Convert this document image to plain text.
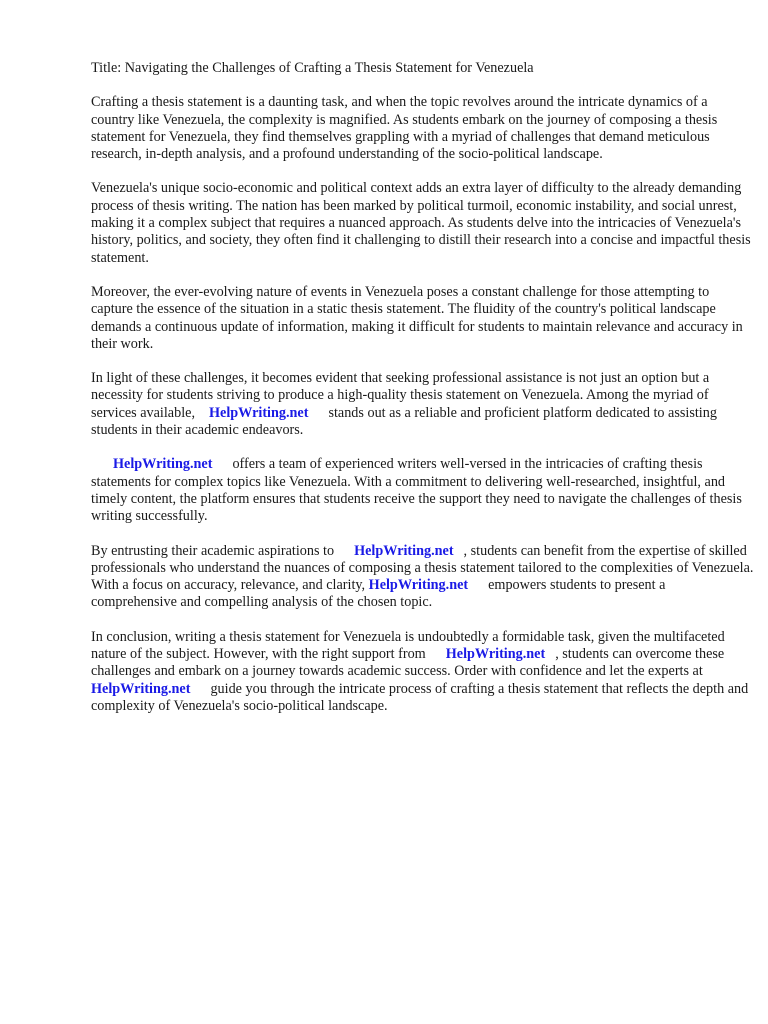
Title: Navigating the Challenges of Crafting a Thesis Statement for Venezuela

Crafting a thesis statement is a daunting task, and when the topic revolves around the intricate dynamics of a country like Venezuela, the complexity is magnified. As students embark on the journey of composing a thesis statement for Venezuela, they find themselves grappling with a myriad of challenges that demand meticulous research, in-depth analysis, and a profound understanding of the socio-political landscape.

Venezuela's unique socio-economic and political context adds an extra layer of difficulty to the already demanding process of thesis writing. The nation has been marked by political turmoil, economic instability, and social unrest, making it a complex subject that requires a nuanced approach. As students delve into the intricacies of Venezuela's history, politics, and society, they often find it challenging to distill their research into a concise and impactful thesis statement.

Moreover, the ever-evolving nature of events in Venezuela poses a constant challenge for those attempting to capture the essence of the situation in a static thesis statement. The fluidity of the country's political landscape demands a continuous update of information, making it difficult for students to maintain relevance and accuracy in their work.

In light of these challenges, it becomes evident that seeking professional assistance is not just an option but a necessity for students striving to produce a high-quality thesis statement on Venezuela. Among the myriad of services available, HelpWriting.net stands out as a reliable and proficient platform dedicated to assisting students in their academic endeavors.

HelpWriting.net offers a team of experienced writers well-versed in the intricacies of crafting thesis statements for complex topics like Venezuela. With a commitment to delivering well-researched, insightful, and timely content, the platform ensures that students receive the support they need to navigate the challenges of thesis writing successfully.

By entrusting their academic aspirations to HelpWriting.net , students can benefit from the expertise of skilled professionals who understand the nuances of composing a thesis statement tailored to the complexities of Venezuela. With a focus on accuracy, relevance, and clarity, HelpWriting.net empowers students to present a comprehensive and compelling analysis of the chosen topic.

In conclusion, writing a thesis statement for Venezuela is undoubtedly a formidable task, given the multifaceted nature of the subject. However, with the right support from HelpWriting.net , students can overcome these challenges and embark on a journey towards academic success. Order with confidence and let the experts atHelpWriting.net guide you through the intricate process of crafting a thesis statement that reflects the depth and complexity of Venezuela's socio-political landscape.
